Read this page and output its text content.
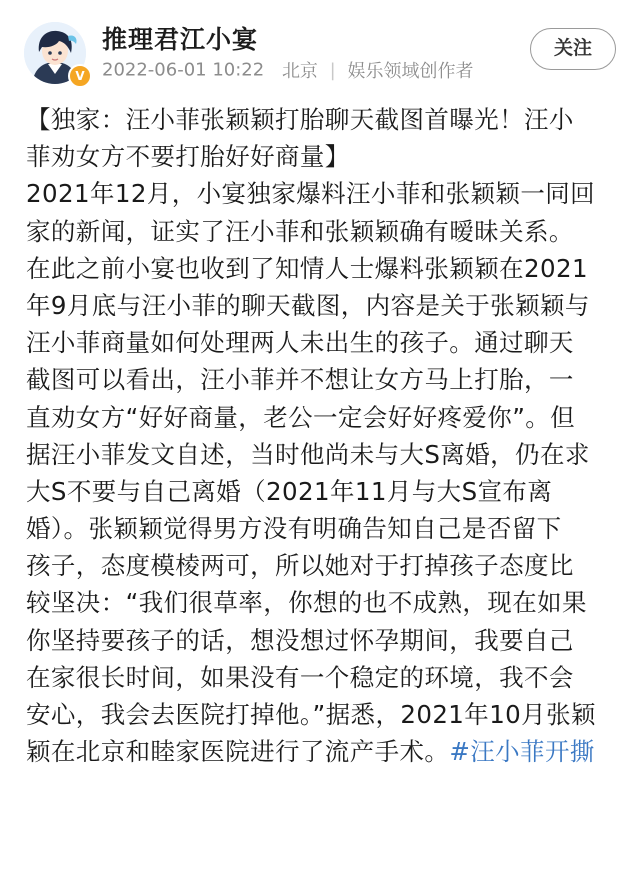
V
推理君江小宴
2022-06-01 10:22 北京 | 娱乐领域创作者
关注
【独家：汪小菲张颖颖打胎聊天截图首曝光！汪小
菲劝女方不要打胎好好商量】
2021年12月，小宴独家爆料汪小菲和张颖颖一同回
家的新闻，证实了汪小菲和张颖颖确有暧昧关系。
在此之前小宴也收到了知情人士爆料张颖颖在2021
年9月底与汪小菲的聊天截图，内容是关于张颖颖与
汪小菲商量如何处理两人未出生的孩子。通过聊天
截图可以看出，汪小菲并不想让女方马上打胎，一
直劝女方“好好商量，老公一定会好好疼爱你”。但
据汪小菲发文自述，当时他尚未与大S离婚，仍在求
大S不要与自己离婚（2021年11月与大S宣布离
婚）。张颖颖觉得男方没有明确告知自己是否留下
孩子，态度模棱两可，所以她对于打掉孩子态度比
较坚决：“我们很草率，你想的也不成熟，现在如果
你坚持要孩子的话，想没想过怀孕期间，我要自己
在家很长时间，如果没有一个稳定的环境，我不会
安心，我会去医院打掉他。”据悉，2021年10月张颖
颖在北京和睦家医院进行了流产手术。#汪小菲开撕
